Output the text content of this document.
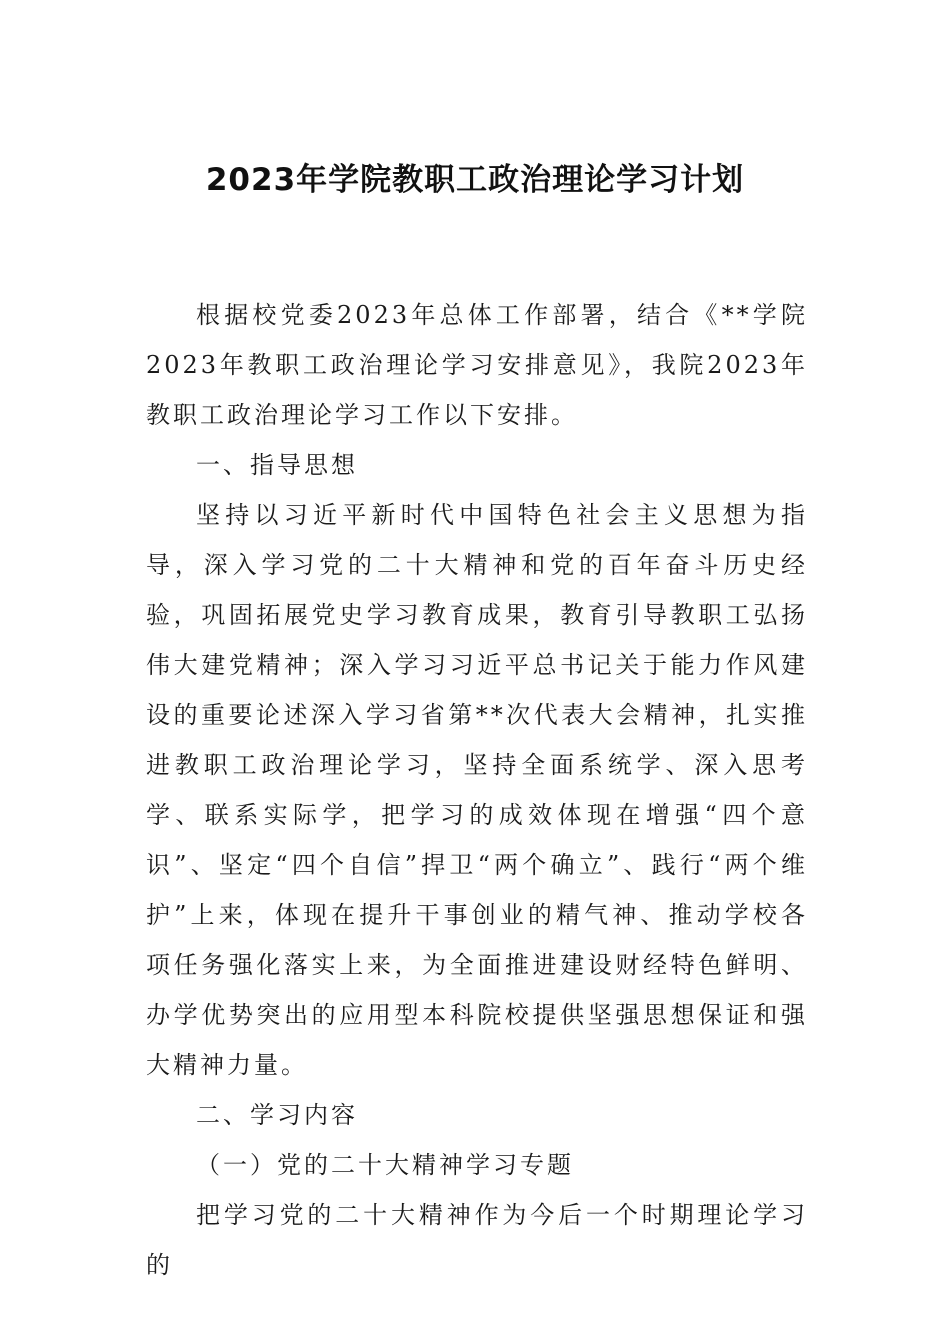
2023年学院教职工政治理论学习计划

根据校党委2023年总体工作部署，结合《**学院2023年教职工政治理论学习安排意见》，我院2023年教职工政治理论学习工作以下安排。

一、指导思想

坚持以习近平新时代中国特色社会主义思想为指导，深入学习党的二十大精神和党的百年奋斗历史经验，巩固拓展党史学习教育成果，教育引导教职工弘扬伟大建党精神；深入学习习近平总书记关于能力作风建设的重要论述深入学习省第**次代表大会精神，扎实推进教职工政治理论学习，坚持全面系统学、深入思考学、联系实际学，把学习的成效体现在增强“四个意识”、坚定“四个自信”捍卫“两个确立”、践行“两个维护”上来，体现在提升干事创业的精气神、推动学校各项任务强化落实上来，为全面推进建设财经特色鲜明、办学优势突出的应用型本科院校提供坚强思想保证和强大精神力量。

二、学习内容

（一）党的二十大精神学习专题

把学习党的二十大精神作为今后一个时期理论学习的
